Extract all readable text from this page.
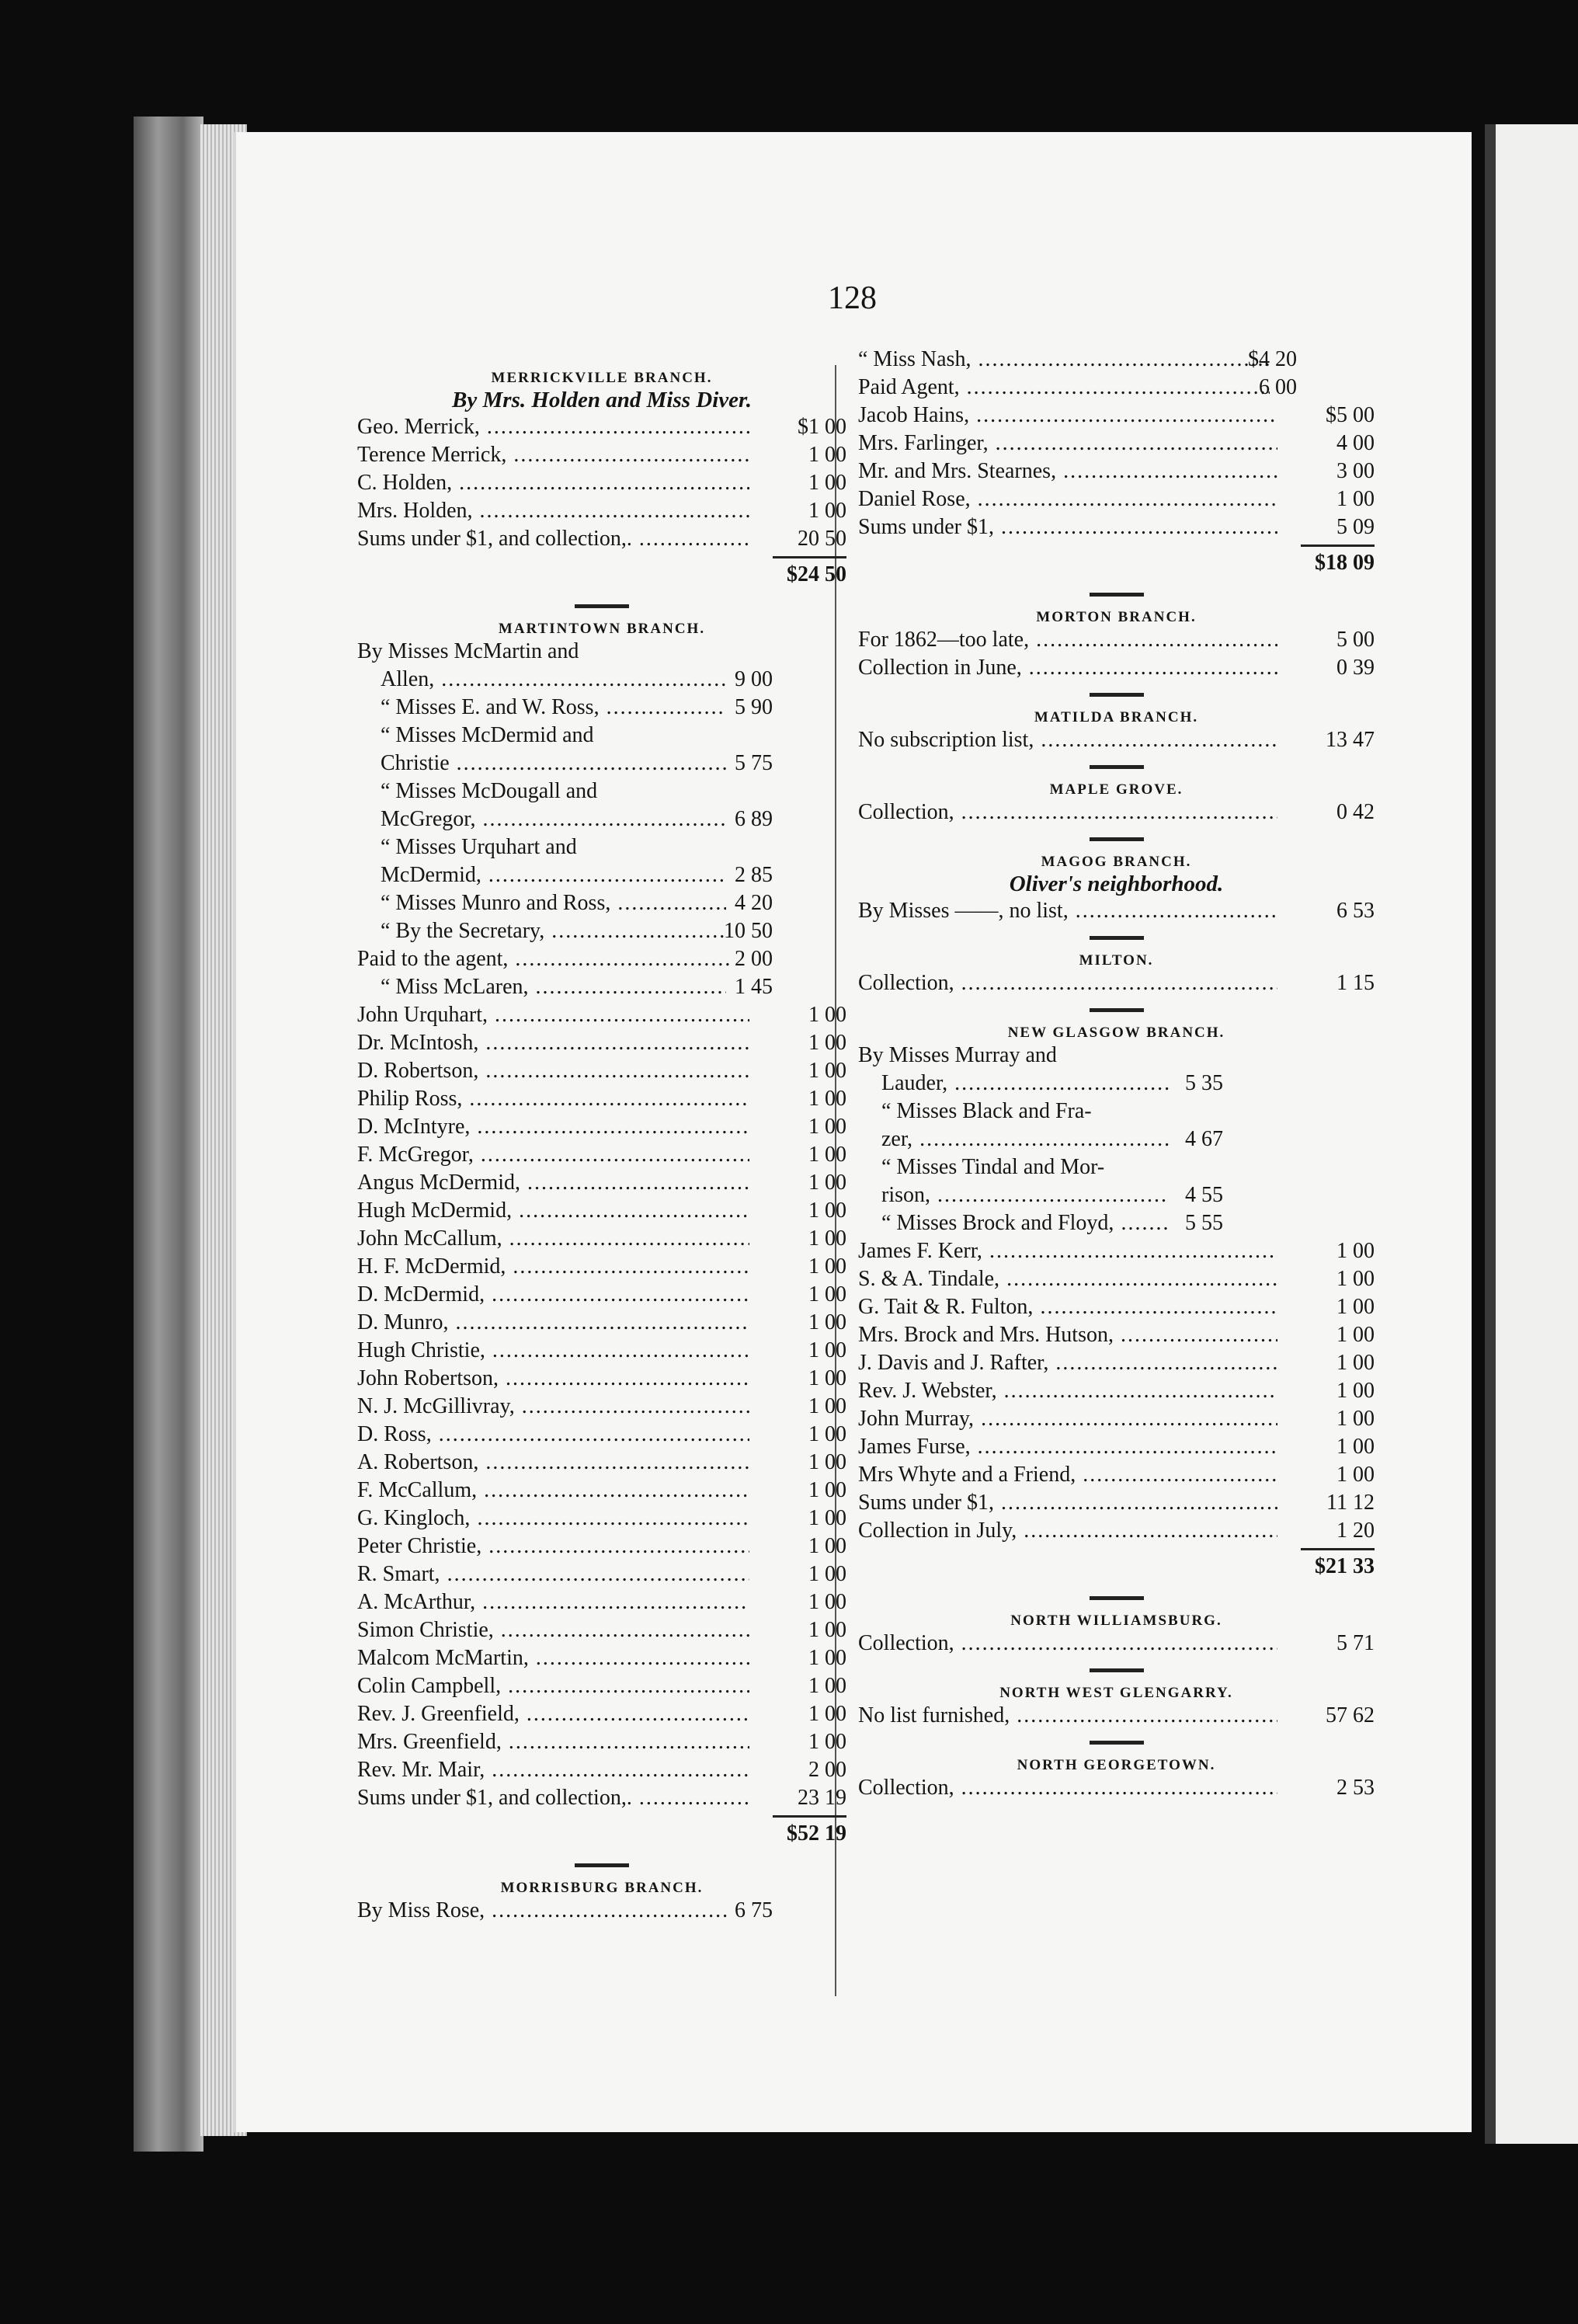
128
MERRICKVILLE BRANCH.
By Mrs. Holden and Miss Diver.
Geo. Merrick, .....	$1 00
Terence Merrick, .....	1 00
C. Holden, .....	1 00
Mrs. Holden, .....	1 00
Sums under $1, and collection,. .....	20 50
$24 50
MARTINTOWN BRANCH.
By Misses McMartin and
Allen, .....	9 00
“ Misses E. and W. Ross, .....	5 90
“ Misses McDermid and
Christie .....	5 75
“ Misses McDougall and
McGregor, .....	6 89
“ Misses Urquhart and
McDermid, .....	2 85
“ Misses Munro and Ross, .....	4 20
“ By the Secretary, .....	10 50
Paid to the agent, .....	2 00
“ Miss McLaren, .....	1 45
John Urquhart, .....	1 00
Dr. McIntosh, .....	1 00
D. Robertson, .....	1 00
Philip Ross, .....	1 00
D. McIntyre, .....	1 00
F. McGregor, .....	1 00
Angus McDermid, .....	1 00
Hugh McDermid, .....	1 00
John McCallum, .....	1 00
H. F. McDermid, .....	1 00
D. McDermid, .....	1 00
D. Munro, .....	1 00
Hugh Christie, .....	1 00
John Robertson, .....	1 00
N. J. McGillivray, .....	1 00
D. Ross, .....	1 00
A. Robertson, .....	1 00
F. McCallum, .....	1 00
G. Kingloch, .....	1 00
Peter Christie, .....	1 00
R. Smart, .....	1 00
A. McArthur, .....	1 00
Simon Christie, .....	1 00
Malcom McMartin, .....	1 00
Colin Campbell, .....	1 00
Rev. J. Greenfield, .....	1 00
Mrs. Greenfield, .....	1 00
Rev. Mr. Mair, .....	2 00
Sums under $1, and collection,. .....	23 19
$52 19
MORRISBURG BRANCH.
By Miss Rose, .....	6 75
“ Miss Nash, .....	$4 20
Paid Agent, .....	6 00
Jacob Hains, .....	$5 00
Mrs. Farlinger, .....	4 00
Mr. and Mrs. Stearnes, .....	3 00
Daniel Rose, .....	1 00
Sums under $1, .....	5 09
$18 09
MORTON BRANCH.
For 1862—too late, .....	5 00
Collection in June, .....	0 39
MATILDA BRANCH.
No subscription list, .....	13 47
MAPLE GROVE.
Collection, .....	0 42
MAGOG BRANCH.
Oliver's neighborhood.
By Misses ——, no list, .....	6 53
MILTON.
Collection, .....	1 15
NEW GLASGOW BRANCH.
By Misses Murray and
Lauder, .....	5 35
“ Misses Black and Fra-
zer, .....	4 67
“ Misses Tindal and Mor-
rison, .....	4 55
“ Misses Brock and Floyd, .....	5 55
James F. Kerr, .....	1 00
S. & A. Tindale, .....	1 00
G. Tait & R. Fulton, .....	1 00
Mrs. Brock and Mrs. Hutson, .....	1 00
J. Davis and J. Rafter, .....	1 00
Rev. J. Webster, .....	1 00
John Murray, .....	1 00
James Furse, .....	1 00
Mrs Whyte and a Friend, .....	1 00
Sums under $1, .....	11 12
Collection in July, .....	1 20
$21 33
NORTH WILLIAMSBURG.
Collection, .....	5 71
NORTH WEST GLENGARRY.
No list furnished, .....	57 62
NORTH GEORGETOWN.
Collection, .....	2 53
